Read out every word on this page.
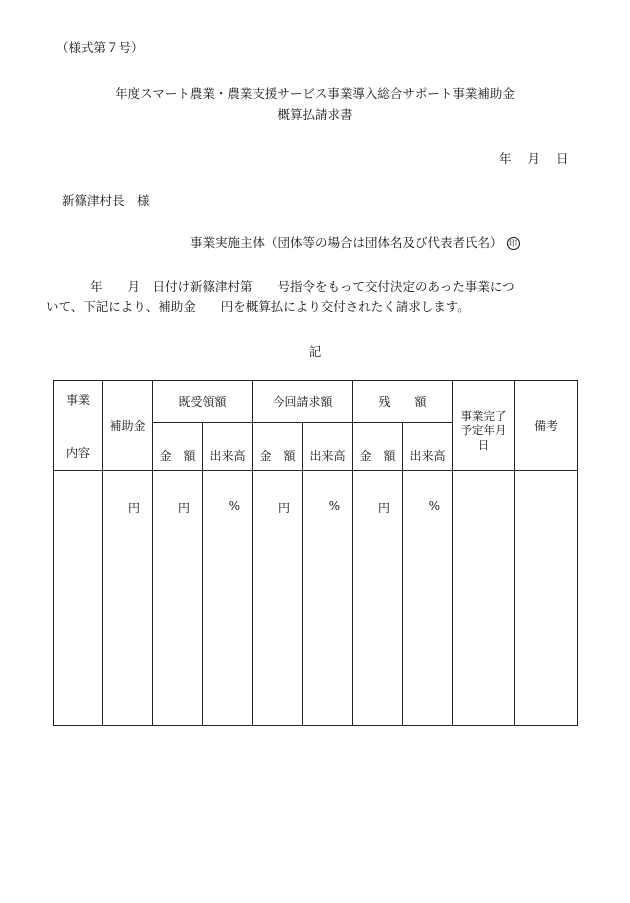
（様式第７号）
年度スマート農業・農業支援サービス事業導入総合サポート事業補助金
概算払請求書
年 月 日
新篠津村長　様
事業実施主体（団体等の場合は団体名及び代表者氏名） 印
年　　月　日付け新篠津村第　　号指令をもって交付決定のあった事業につ
いて、下記により、補助金　　円を概算払により交付されたく請求します。
記
事業
内容	補助金	既受領額		今回請求額		残　　額		事業完了予定年月日	備考
		金　額	出来高	金　額	出来高	金　額	出来高		

	円	円	%	円	%	円	%		
